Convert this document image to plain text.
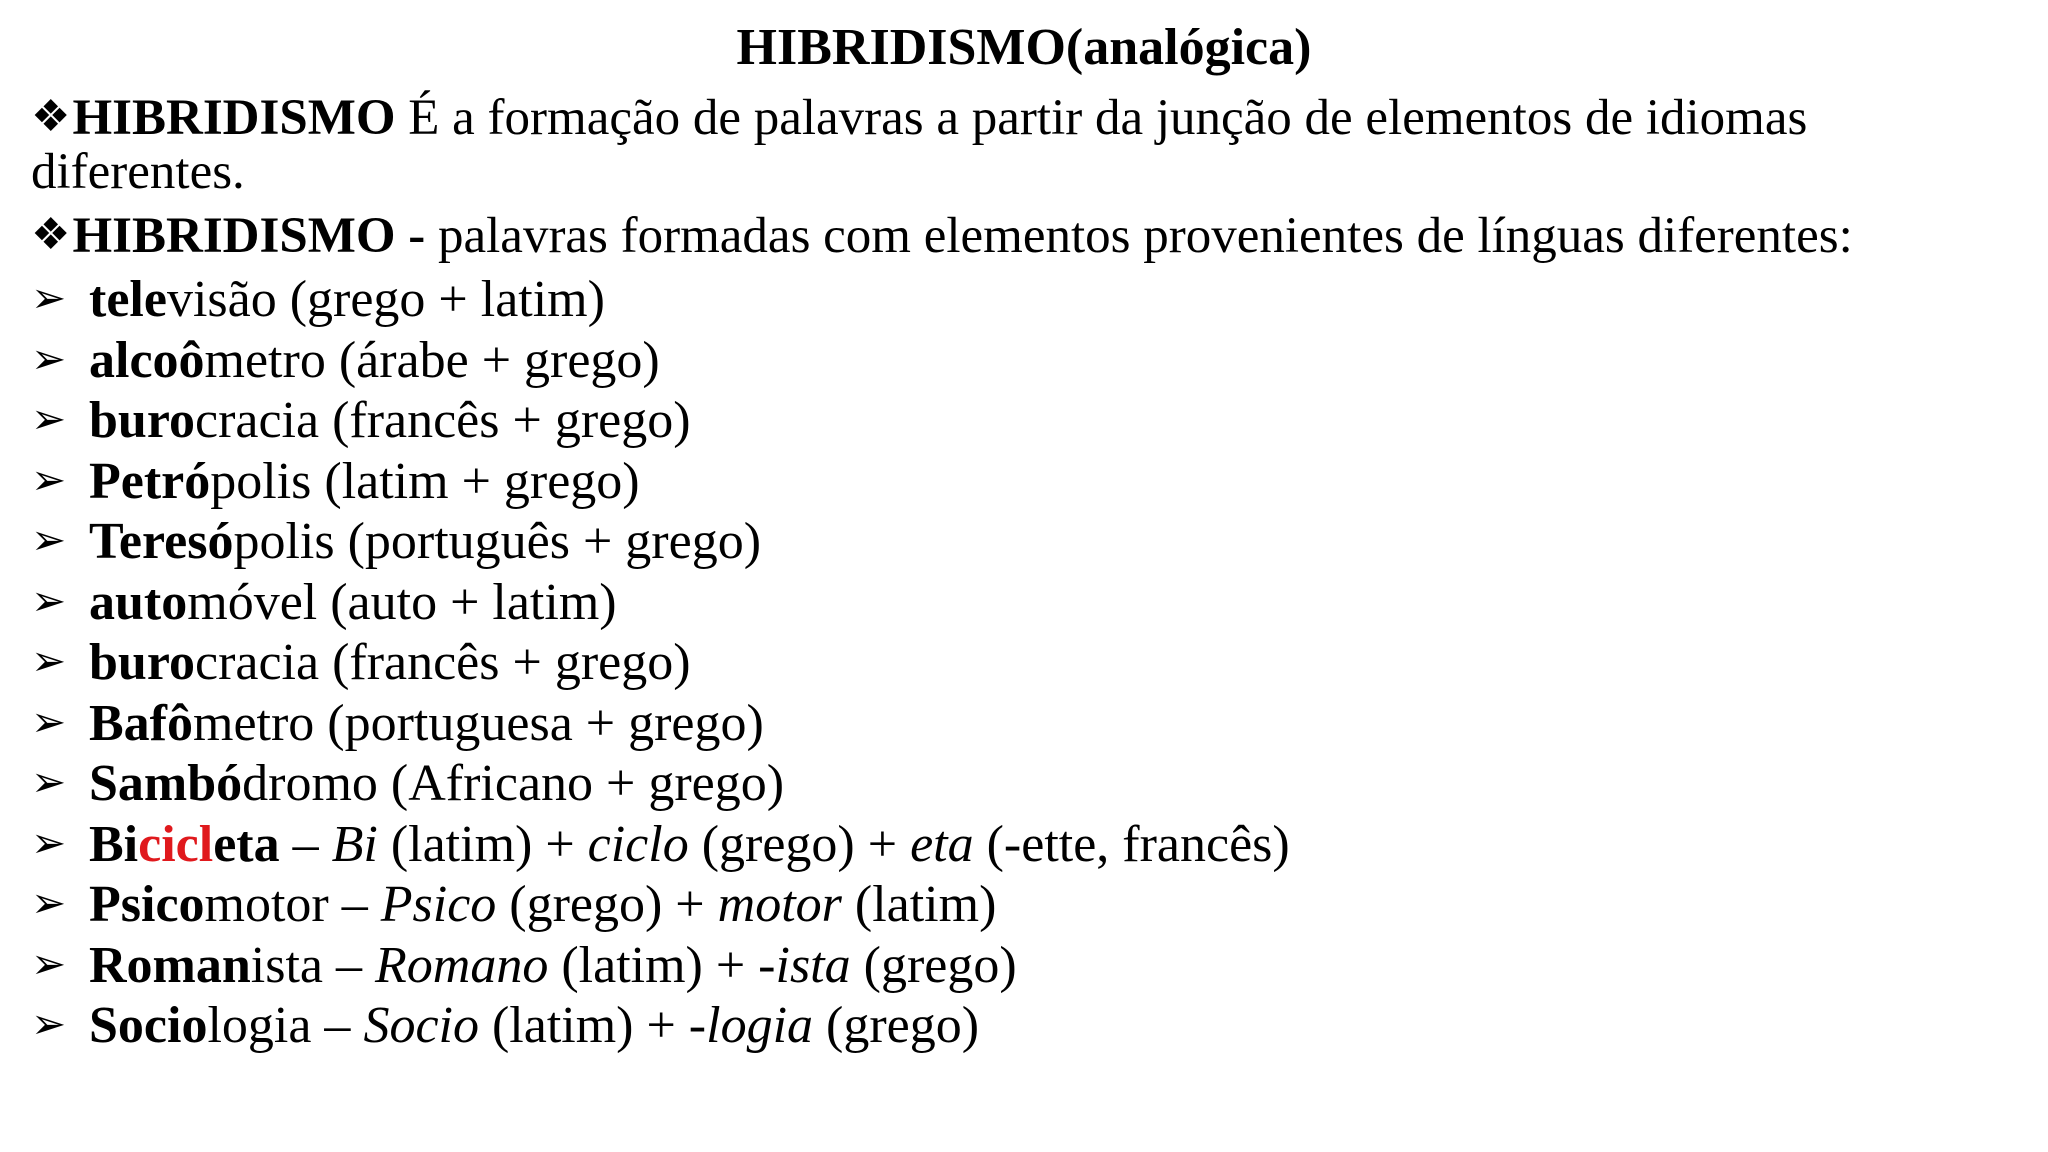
HIBRIDISMO(analógica)
❖HIBRIDISMO É a formação de palavras a partir da junção de elementos de idiomas diferentes.
❖HIBRIDISMO - palavras formadas com elementos provenientes de línguas diferentes:
➢ televisão (grego + latim)
➢ alcoômetro (árabe + grego)
➢ burocracia (francês + grego)
➢ Petrópolis (latim + grego)
➢ Teresópolis (português + grego)
➢ automóvel (auto + latim)
➢ burocracia (francês + grego)
➢ Bafômetro (portuguesa + grego)
➢ Sambódromo (Africano + grego)
➢ Bicicleta – Bi (latim) + ciclo (grego) + eta (-ette, francês)
➢ Psicomotor – Psico (grego) + motor (latim)
➢ Romanista – Romano (latim) + -ista (grego)
➢ Sociologia – Socio (latim) + -logia (grego)
